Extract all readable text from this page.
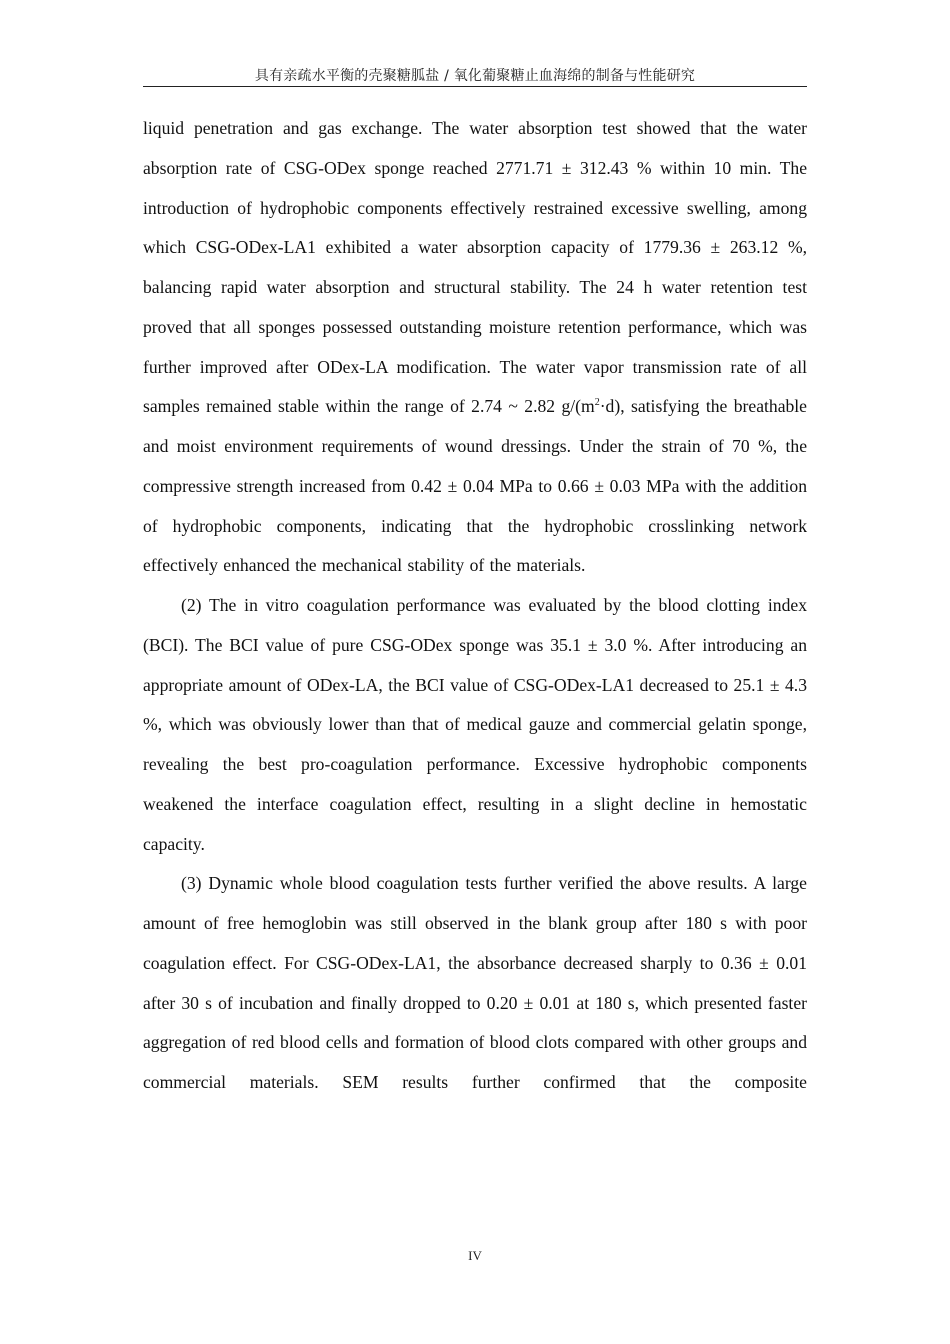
具有亲疏水平衡的壳聚糖胍盐 / 氧化葡聚糖止血海绵的制备与性能研究

liquid penetration and gas exchange. The water absorption test showed that the water absorption rate of CSG-ODex sponge reached 2771.71 ± 312.43 % within 10 min. The introduction of hydrophobic components effectively restrained excessive swelling, among which CSG-ODex-LA1 exhibited a water absorption capacity of 1779.36 ± 263.12 %, balancing rapid water absorption and structural stability. The 24 h water retention test proved that all sponges possessed outstanding moisture retention performance, which was further improved after ODex-LA modification. The water vapor transmission rate of all samples remained stable within the range of 2.74 ~ 2.82 $g/(m^2\cdot d)$, satisfying the breathable and moist environment requirements of wound dressings. Under the strain of 70 %, the compressive strength increased from 0.42 ± 0.04 MPa to 0.66 ± 0.03 MPa with the addition of hydrophobic components, indicating that the hydrophobic crosslinking network effectively enhanced the mechanical stability of the materials.

(2) The in vitro coagulation performance was evaluated by the blood clotting index (BCI). The BCI value of pure CSG-ODex sponge was 35.1 ± 3.0 %. After introducing an appropriate amount of ODex-LA, the BCI value of CSG-ODex-LA1 decreased to 25.1 ± 4.3 %, which was obviously lower than that of medical gauze and commercial gelatin sponge, revealing the best pro-coagulation performance. Excessive hydrophobic components weakened the interface coagulation effect, resulting in a slight decline in hemostatic capacity.

(3) Dynamic whole blood coagulation tests further verified the above results. A large amount of free hemoglobin was still observed in the blank group after 180 s with poor coagulation effect. For CSG-ODex-LA1, the absorbance decreased sharply to 0.36 ± 0.01 after 30 s of incubation and finally dropped to 0.20 ± 0.01 at 180 s, which presented faster aggregation of red blood cells and formation of blood clots compared with other groups and commercial materials. SEM results further confirmed that the composite

IV
